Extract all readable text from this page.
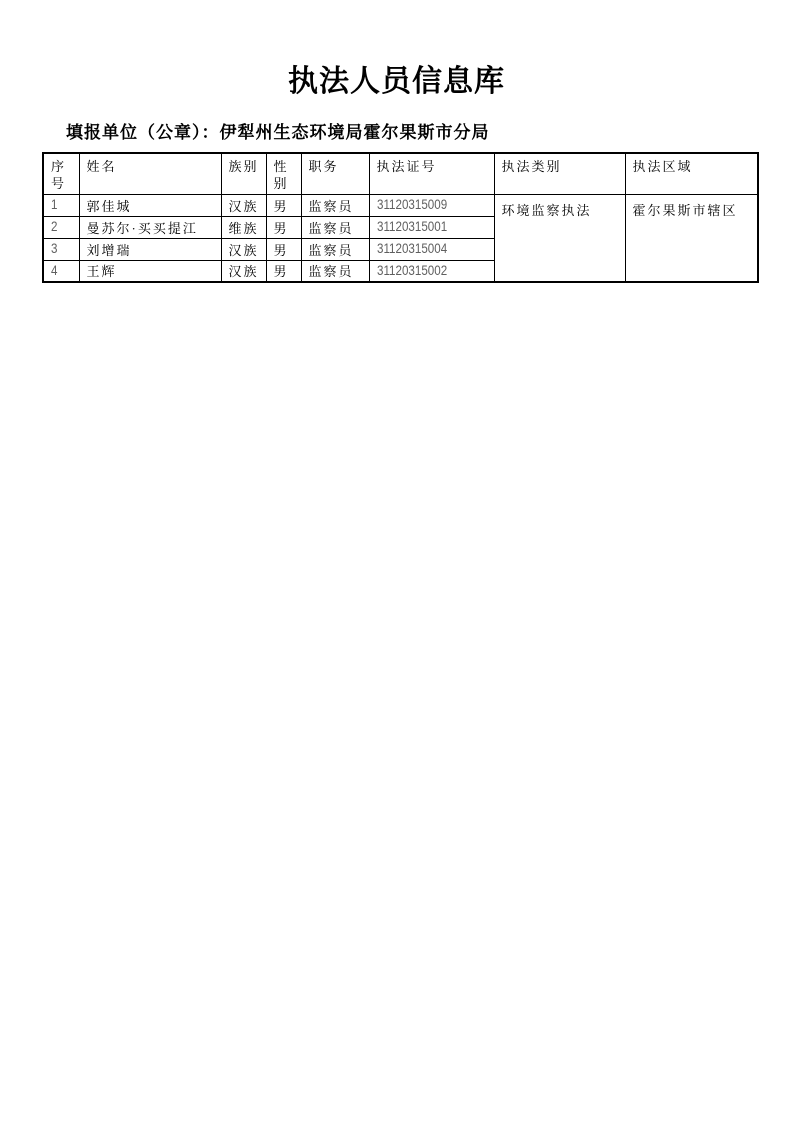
执法人员信息库
填报单位（公章）：伊犁州生态环境局霍尔果斯市分局
序号	姓名	族别	性别	职务	执法证号	执法类别	执法区域
1	郭佳城	汉族	男	监察员	31120315009	环境监察执法	霍尔果斯市辖区
2	曼苏尔·买买提江	维族	男	监察员	31120315001		
3	刘增瑞	汉族	男	监察员	31120315004		
4	王辉	汉族	男	监察员	31120315002		
